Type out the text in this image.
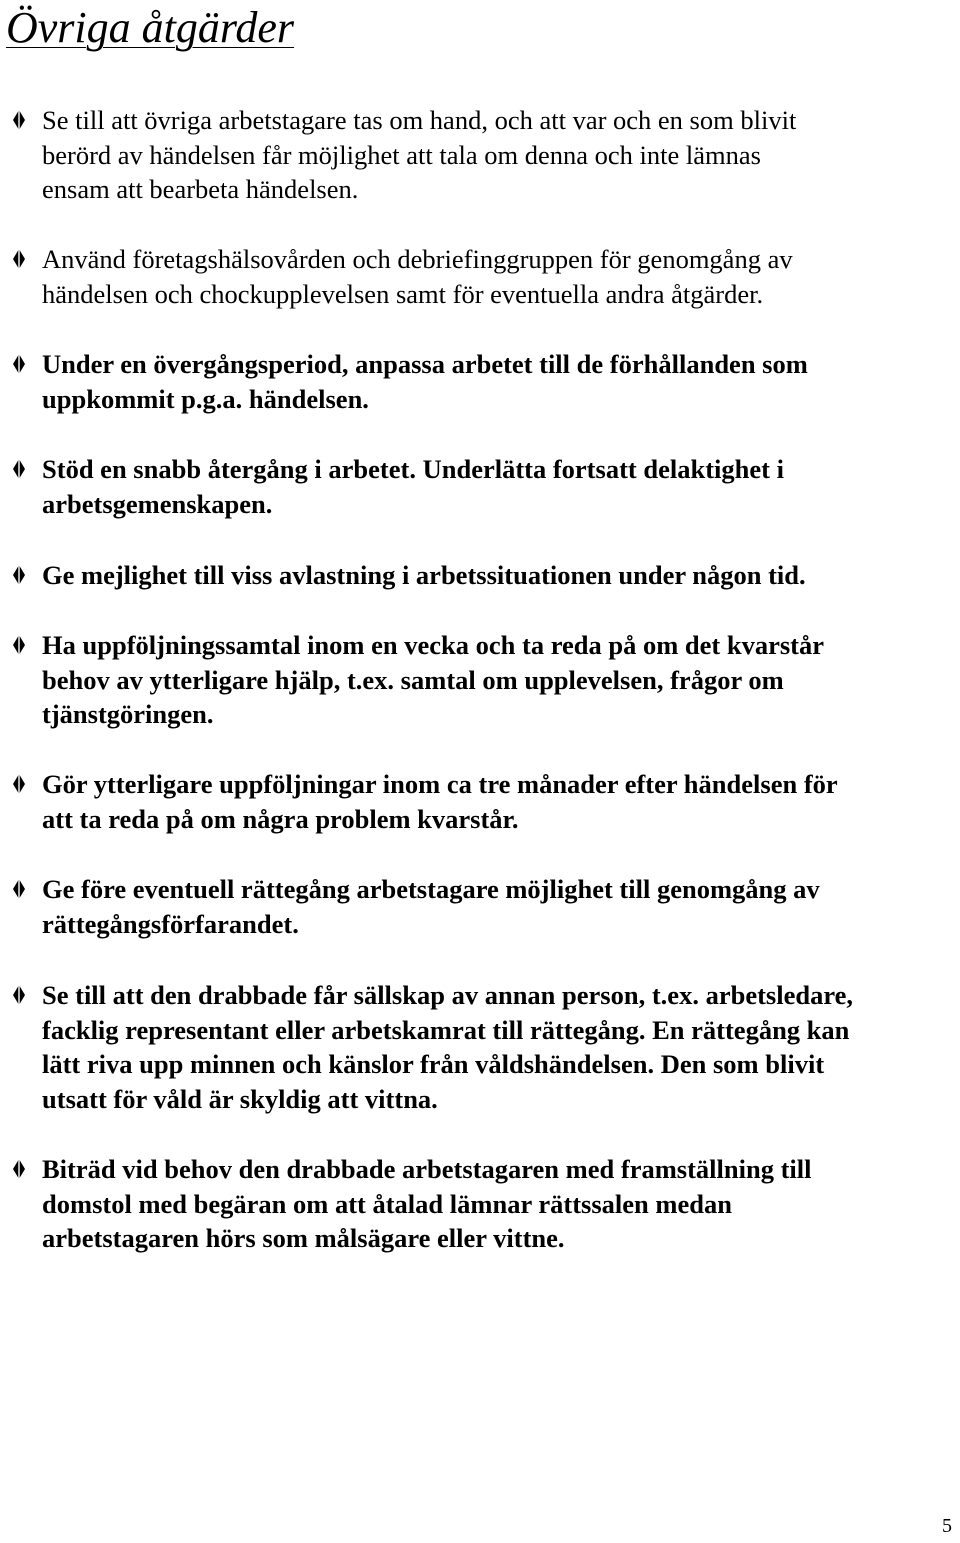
Övriga åtgärder
Se till att övriga arbetstagare tas om hand, och att var och en som blivit
berörd av händelsen får möjlighet att tala om denna och inte lämnas
ensam att bearbeta händelsen.
Använd företagshälsovården och debriefinggruppen för genomgång av
händelsen och chockupplevelsen samt för eventuella andra åtgärder.
Under en övergångsperiod, anpassa arbetet till de förhållanden som
uppkommit p.g.a. händelsen.
Stöd en snabb återgång i arbetet. Underlätta fortsatt delaktighet i
arbetsgemenskapen.
Ge mejlighet till viss avlastning i arbetssituationen under någon tid.
Ha uppföljningssamtal inom en vecka och ta reda på om det kvarstår
behov av ytterligare hjälp, t.ex. samtal om upplevelsen, frågor om
tjänstgöringen.
Gör ytterligare uppföljningar inom ca tre månader efter händelsen för
att ta reda på om några problem kvarstår.
Ge före eventuell rättegång arbetstagare möjlighet till genomgång av
rättegångsförfarandet.
Se till att den drabbade får sällskap av annan person, t.ex. arbetsledare,
facklig representant eller arbetskamrat till rättegång. En rättegång kan
lätt riva upp minnen och känslor från våldshändelsen. Den som blivit
utsatt för våld är skyldig att vittna.
Biträd vid behov den drabbade arbetstagaren med framställning till
domstol med begäran om att åtalad lämnar rättssalen medan
arbetstagaren hörs som målsägare eller vittne.
5
